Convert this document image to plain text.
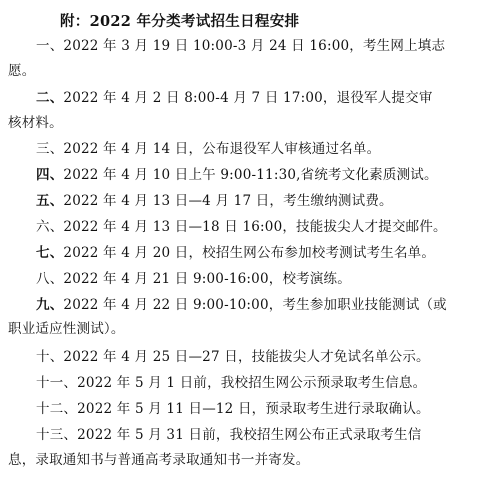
附：2022 年分类考试招生日程安排
一、2022 年 3 月 19 日 10:00-3 月 24 日 16:00，考生网上填志
愿。
二、2022 年 4 月 2 日 8:00-4 月 7 日 17:00，退役军人提交审
核材料。
三、2022 年 4 月 14 日，公布退役军人审核通过名单。
四、2022 年 4 月 10 日上午 9:00-11:30,省统考文化素质测试。
五、2022 年 4 月 13 日—4 月 17 日，考生缴纳测试费。
六、2022 年 4 月 13 日—18 日 16:00，技能拔尖人才提交邮件。
七、2022 年 4 月 20 日，校招生网公布参加校考测试考生名单。
八、2022 年 4 月 21 日 9:00-16:00，校考演练。
九、2022 年 4 月 22 日 9:00-10:00，考生参加职业技能测试（或
职业适应性测试）。
十、2022 年 4 月 25 日—27 日，技能拔尖人才免试名单公示。
十一、2022 年 5 月 1 日前，我校招生网公示预录取考生信息。
十二、2022 年 5 月 11 日—12 日，预录取考生进行录取确认。
十三、2022 年 5 月 31 日前，我校招生网公布正式录取考生信
息，录取通知书与普通高考录取通知书一并寄发。
